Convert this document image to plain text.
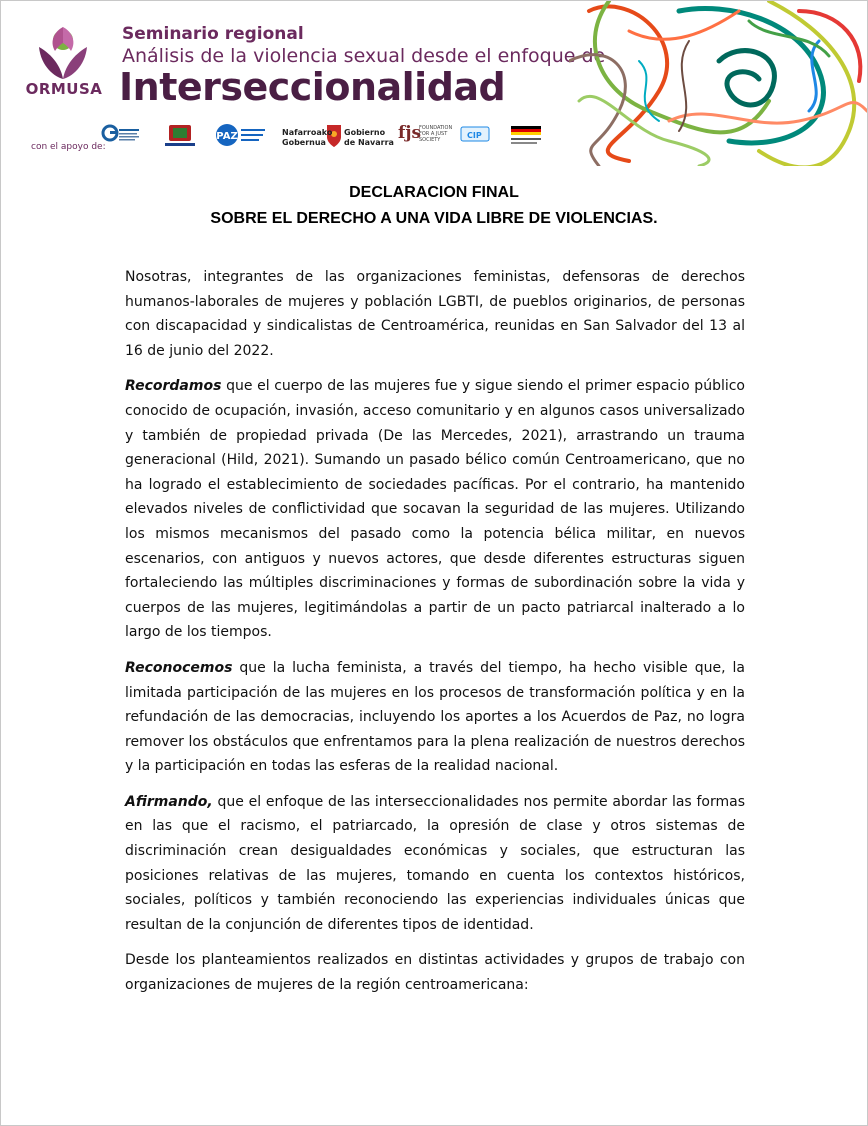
ORMUSA
Seminario regional
Análisis de la violencia sexual desde el enfoque de
Interseccionalidad
con el apoyo de:
PAZ	CIP
Nafarroako
Gobernua
Gobierno
de Navarra fjs
FOUNDATION
FOR A JUST
SOCIETY
DECLARACION FINAL
SOBRE EL DERECHO A UNA VIDA LIBRE DE VIOLENCIAS.

Nosotras, integrantes de las organizaciones feministas, defensoras de derechos humanos-laborales de mujeres y población LGBTI, de pueblos originarios, de personas con discapacidad y sindicalistas de Centroamérica, reunidas en San Salvador del 13 al 16 de junio del 2022.

Recordamos que el cuerpo de las mujeres fue y sigue siendo el primer espacio público conocido de ocupación, invasión, acceso comunitario y en algunos casos universalizado y también de propiedad privada (De las Mercedes, 2021), arrastrando un trauma generacional (Hild, 2021). Sumando un pasado bélico común Centroamericano, que no ha logrado el establecimiento de sociedades pacíficas. Por el contrario, ha mantenido elevados niveles de conflictividad que socavan la seguridad de las mujeres. Utilizando los mismos mecanismos del pasado como la potencia bélica militar, en nuevos escenarios, con antiguos y nuevos actores, que desde diferentes estructuras siguen fortaleciendo las múltiples discriminaciones y formas de subordinación sobre la vida y cuerpos de las mujeres, legitimándolas a partir de un pacto patriarcal inalterado a lo largo de los tiempos.

Reconocemos que la lucha feminista, a través del tiempo, ha hecho visible que, la limitada participación de las mujeres en los procesos de transformación política y en la refundación de las democracias, incluyendo los aportes a los Acuerdos de Paz, no logra remover los obstáculos que enfrentamos para la plena realización de nuestros derechos y la participación en todas las esferas de la realidad nacional.

Afirmando, que el enfoque de las interseccionalidades nos permite abordar las formas en las que el racismo, el patriarcado, la opresión de clase y otros sistemas de discriminación crean desigualdades económicas y sociales, que estructuran las posiciones relativas de las mujeres, tomando en cuenta los contextos históricos, sociales, políticos y también reconociendo las experiencias individuales únicas que resultan de la conjunción de diferentes tipos de identidad.

Desde los planteamientos realizados en distintas actividades y grupos de trabajo con organizaciones de mujeres de la región centroamericana:
